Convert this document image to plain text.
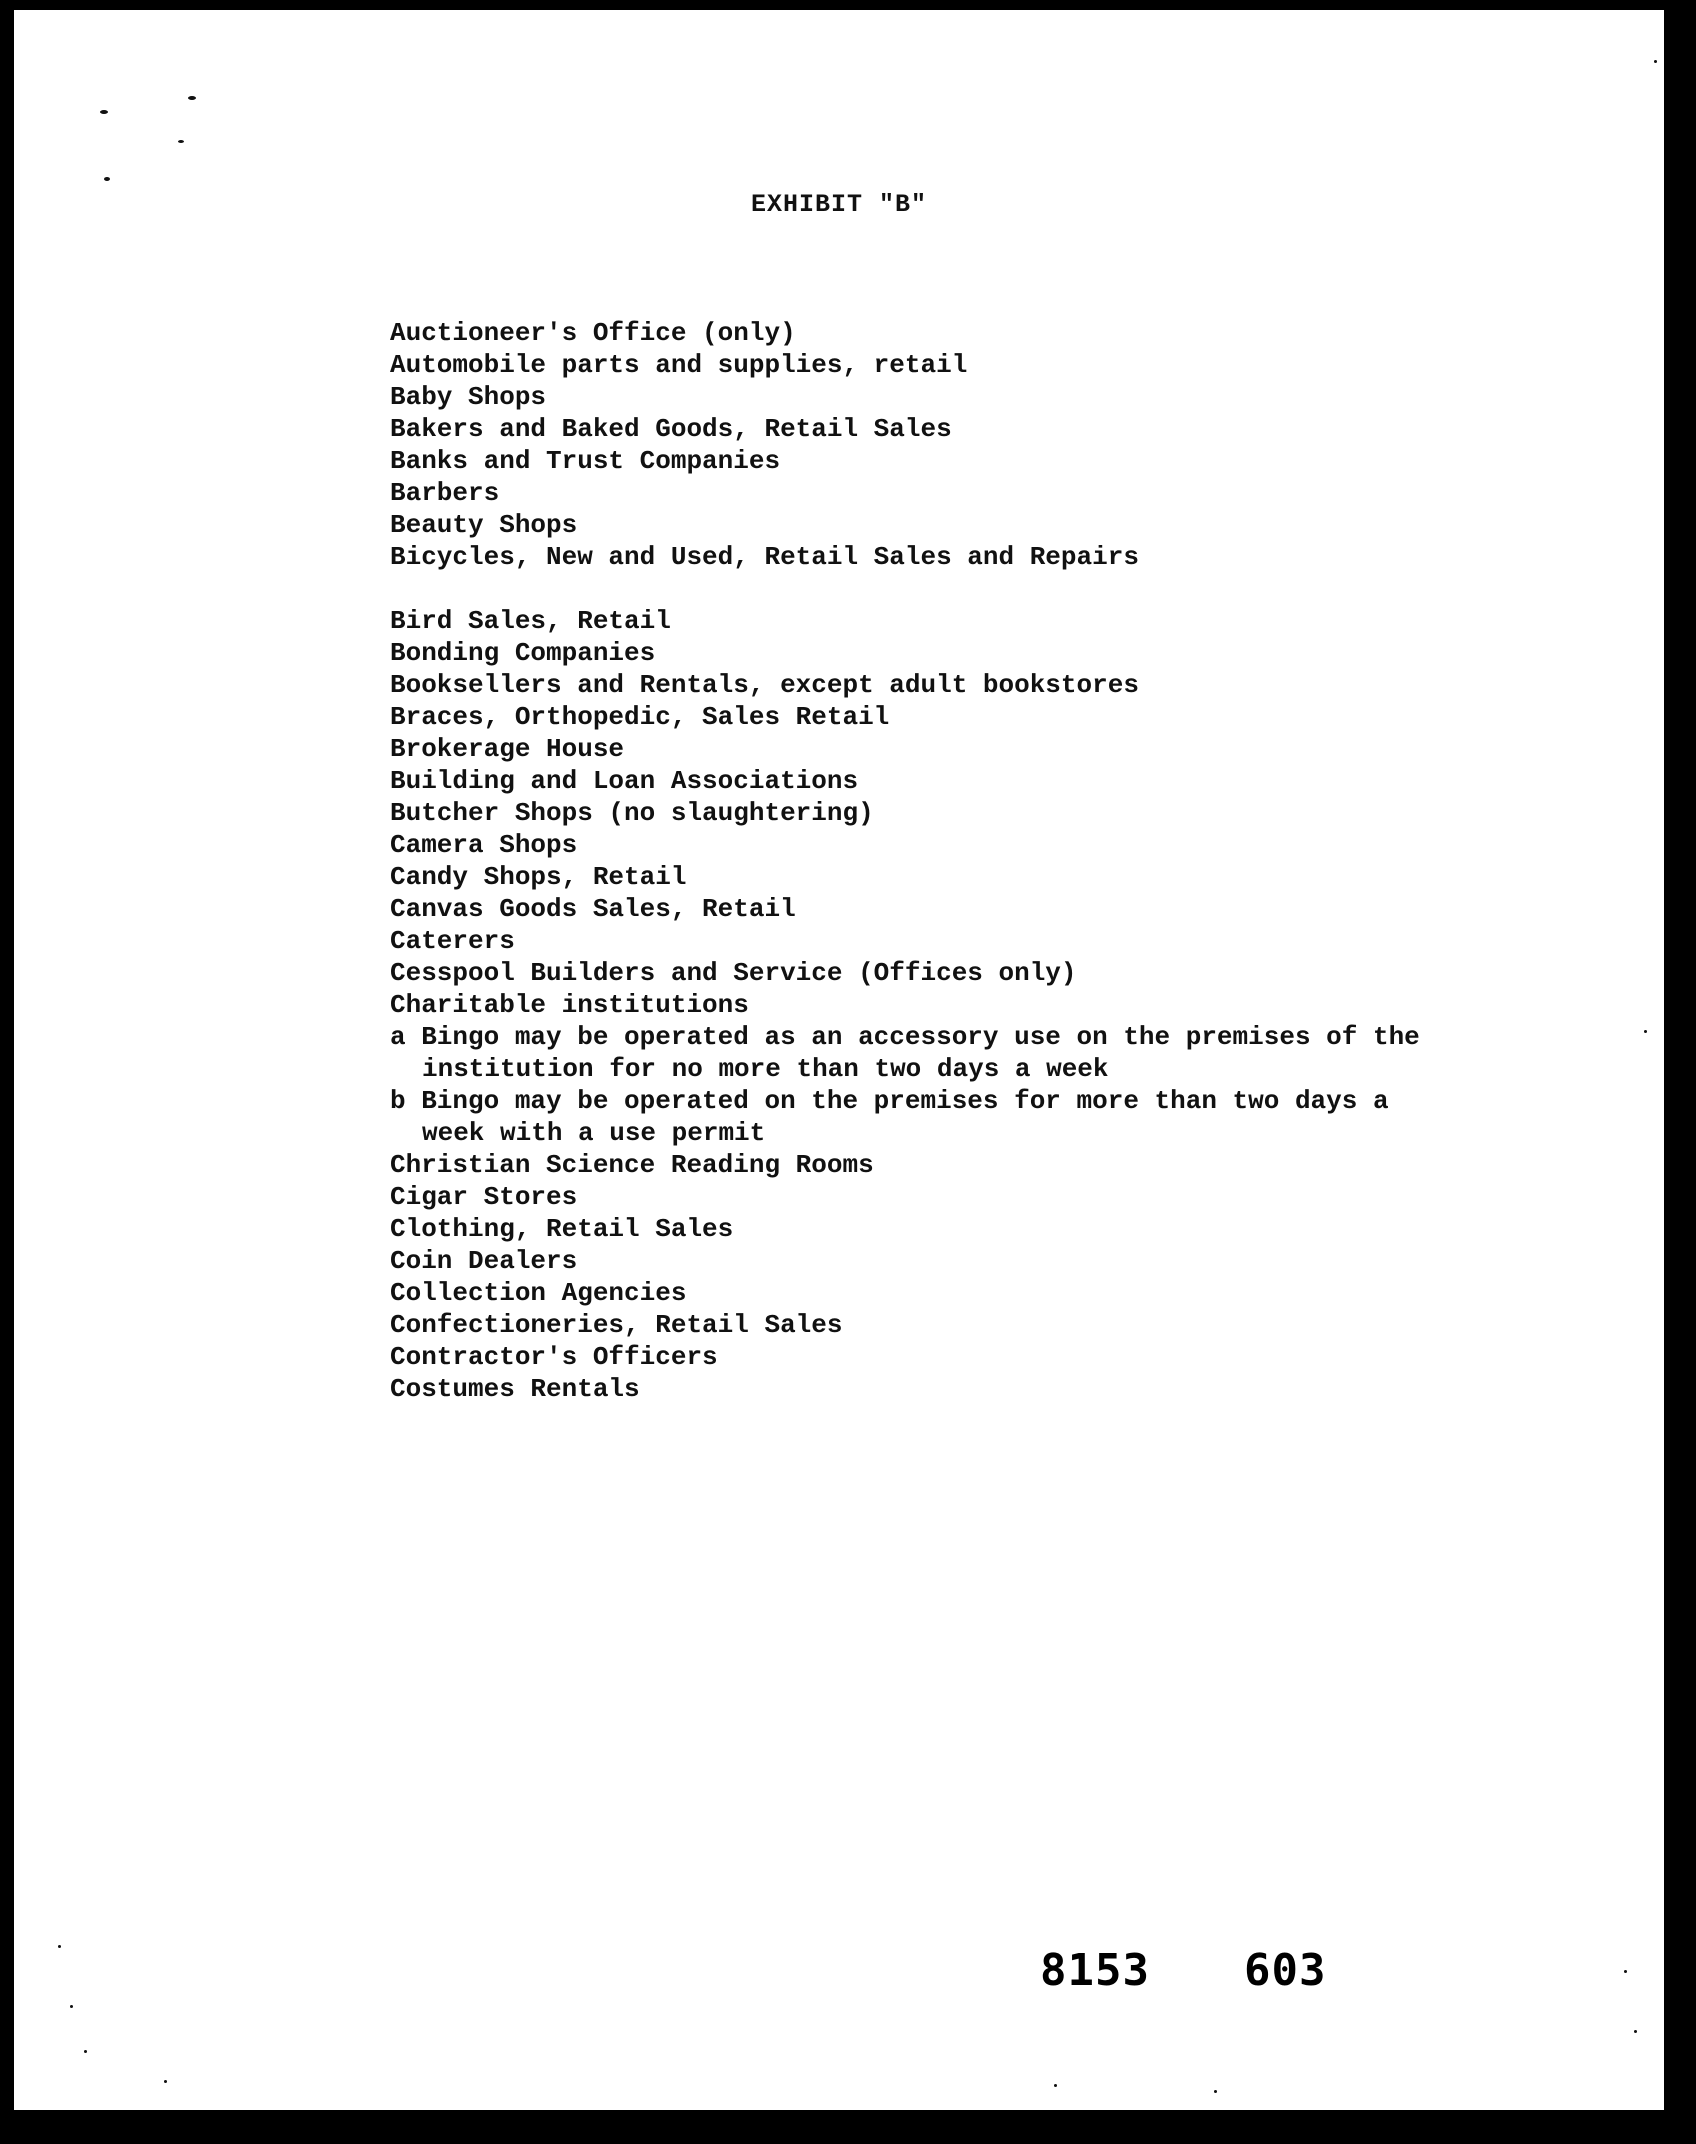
EXHIBIT "B"
Auctioneer's Office (only)
Automobile parts and supplies, retail
Baby Shops
Bakers and Baked Goods, Retail Sales
Banks and Trust Companies
Barbers
Beauty Shops
Bicycles, New and Used, Retail Sales and Repairs
Bird Sales, Retail
Bonding Companies
Booksellers and Rentals, except adult bookstores
Braces, Orthopedic, Sales Retail
Brokerage House
Building and Loan Associations
Butcher Shops (no slaughtering)
Camera Shops
Candy Shops, Retail
Canvas Goods Sales, Retail
Caterers
Cesspool Builders and Service (Offices only)
Charitable institutions
a Bingo may be operated as an accessory use on the premises of the
institution for no more than two days a week
b Bingo may be operated on the premises for more than two days a
week with a use permit
Christian Science Reading Rooms
Cigar Stores
Clothing, Retail Sales
Coin Dealers
Collection Agencies
Confectioneries, Retail Sales
Contractor's Officers
Costumes Rentals
8153 603
